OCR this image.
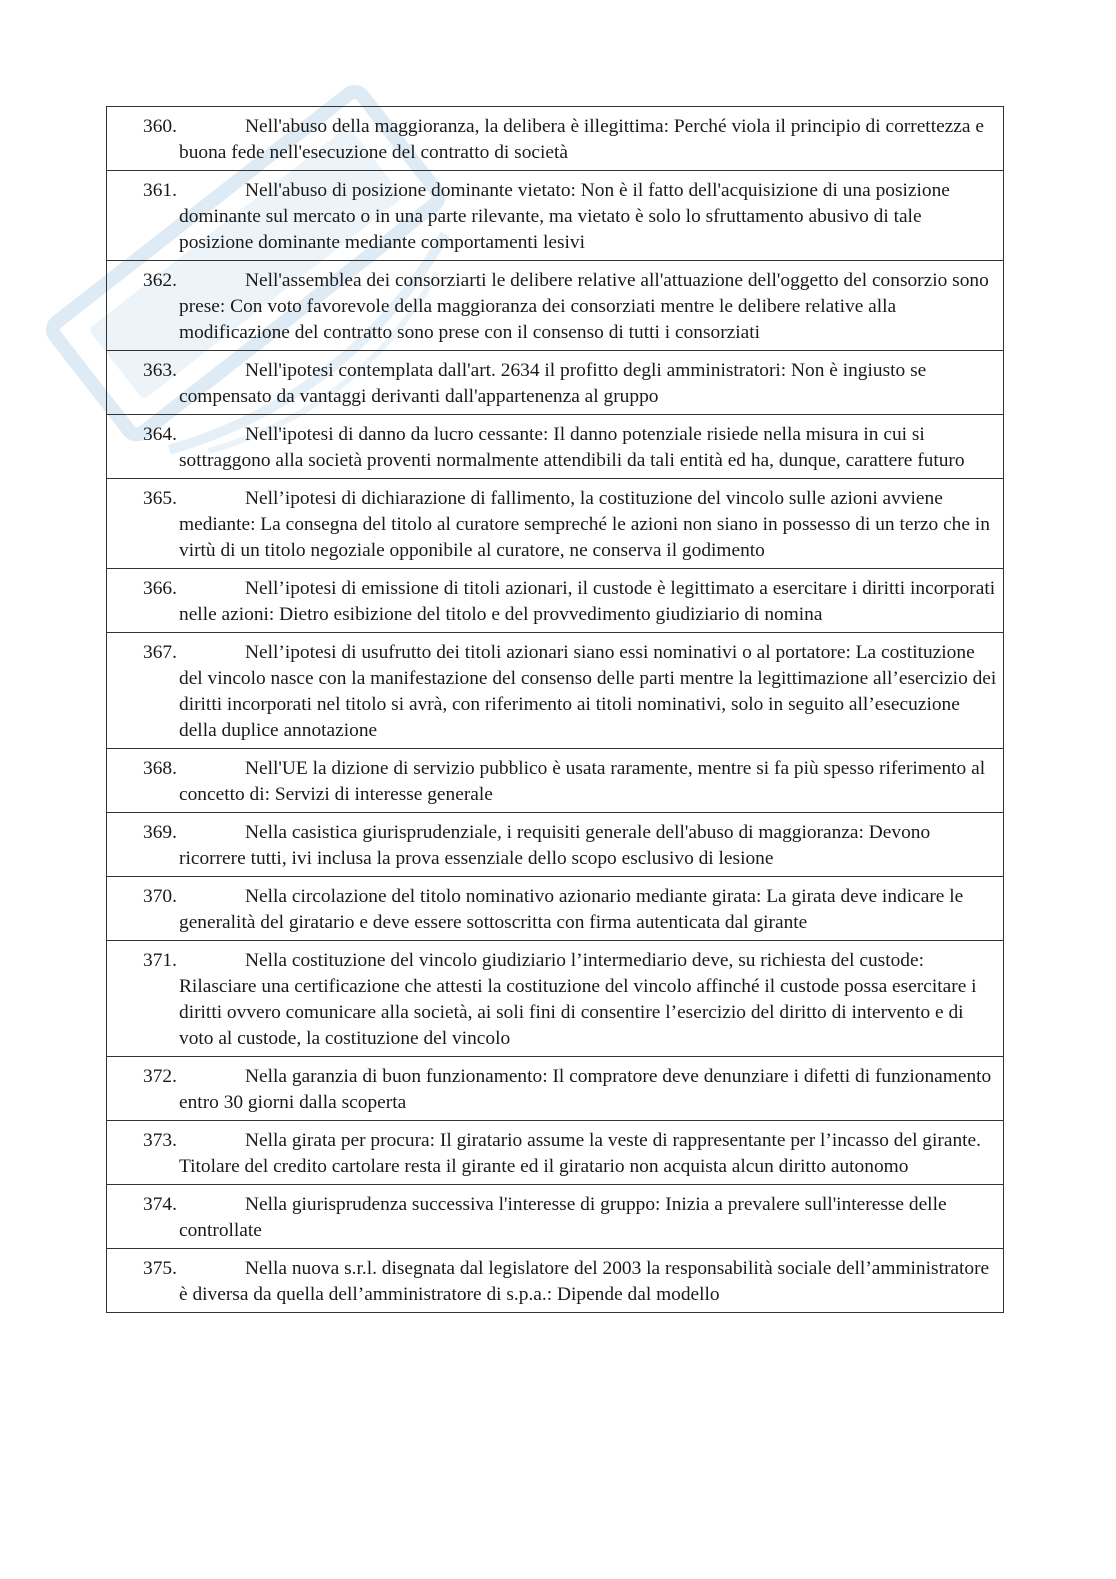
360.	Nell'abuso della maggioranza, la delibera è illegittima: Perché viola il principio di correttezza e buona fede nell'esecuzione del contratto di società

361.	Nell'abuso di posizione dominante vietato: Non è il fatto dell'acquisizione di una posizione dominante sul mercato o in una parte rilevante, ma vietato è solo lo sfruttamento abusivo di tale posizione dominante mediante comportamenti lesivi

362.	Nell'assemblea dei consorziarti le delibere relative all'attuazione dell'oggetto del consorzio sono prese: Con voto favorevole della maggioranza dei consorziati mentre le delibere relative alla modificazione del contratto sono prese con il consenso di tutti i consorziati

363.	Nell'ipotesi contemplata dall'art. 2634 il profitto degli amministratori: Non è ingiusto se compensato da vantaggi derivanti dall'appartenenza al gruppo

364.	Nell'ipotesi di danno da lucro cessante: Il danno potenziale risiede nella misura in cui si sottraggono alla società proventi normalmente attendibili da tali entità ed ha, dunque, carattere futuro

365.	Nell’ipotesi di dichiarazione di fallimento, la costituzione del vincolo sulle azioni avviene mediante: La consegna del titolo al curatore sempreché le azioni non siano in possesso di un terzo che in virtù di un titolo negoziale opponibile al curatore, ne conserva il godimento

366.	Nell’ipotesi di emissione di titoli azionari, il custode è legittimato a esercitare i diritti incorporati nelle azioni: Dietro esibizione del titolo e del provvedimento giudiziario di nomina

367.	Nell’ipotesi di usufrutto dei titoli azionari siano essi nominativi o al portatore: La costituzione del vincolo nasce con la manifestazione del consenso delle parti mentre la legittimazione all’esercizio dei diritti incorporati nel titolo si avrà, con riferimento ai titoli nominativi, solo in seguito all’esecuzione della duplice annotazione

368.	Nell'UE la dizione di servizio pubblico è usata raramente, mentre si fa più spesso riferimento al concetto di: Servizi di interesse generale

369.	Nella casistica giurisprudenziale, i requisiti generale dell'abuso di maggioranza: Devono ricorrere tutti, ivi inclusa la prova essenziale dello scopo esclusivo di lesione

370.	Nella circolazione del titolo nominativo azionario mediante girata: La girata deve indicare le generalità del giratario e deve essere sottoscritta con firma autenticata dal girante

371.	Nella costituzione del vincolo giudiziario l’intermediario deve, su richiesta del custode: Rilasciare una certificazione che attesti la costituzione del vincolo affinché il custode possa esercitare i diritti ovvero comunicare alla società, ai soli fini di consentire l’esercizio del diritto di intervento e di voto al custode, la costituzione del vincolo

372.	Nella garanzia di buon funzionamento: Il compratore deve denunziare i difetti di funzionamento entro 30 giorni dalla scoperta

373.	Nella girata per procura: Il giratario assume la veste di rappresentante per l’incasso del girante. Titolare del credito cartolare resta il girante ed il giratario non acquista alcun diritto autonomo

374.	Nella giurisprudenza successiva l'interesse di gruppo: Inizia a prevalere sull'interesse delle controllate

375.	Nella nuova s.r.l. disegnata dal legislatore del 2003 la responsabilità sociale dell’amministratore è diversa da quella dell’amministratore di s.p.a.: Dipende dal modello
